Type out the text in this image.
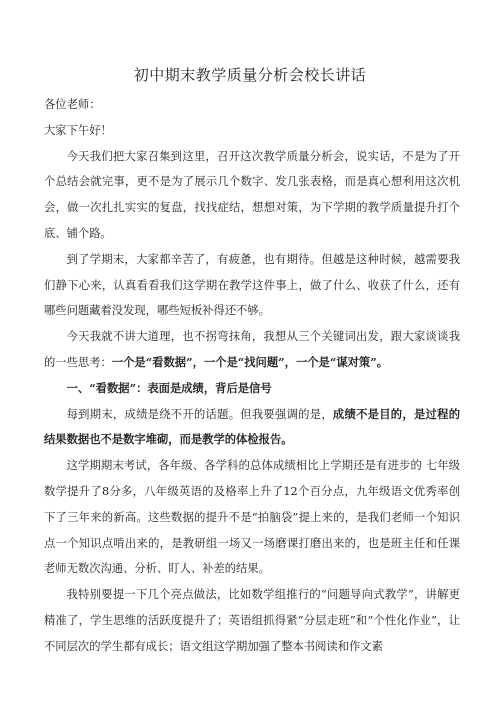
初中期末教学质量分析会校长讲话

各位老师：

大家下午好！

今天我们把大家召集到这里，召开这次教学质量分析会，说实话，不是为了开个总结会就完事，更不是为了展示几个数字、发几张表格，而是真心想利用这次机会，做一次扎扎实实的复盘，找找症结，想想对策，为下学期的教学质量提升打个底、铺个路。

到了学期末，大家都辛苦了，有疲惫，也有期待。但越是这种时候，越需要我们静下心来，认真看看我们这学期在教学这件事上，做了什么、收获了什么，还有哪些问题藏着没发现，哪些短板补得还不够。

今天我就不讲大道理，也不拐弯抹角，我想从三个关键词出发，跟大家谈谈我的一些思考：一个是“看数据”，一个是“找问题”，一个是“谋对策”。

一、“看数据”：表面是成绩，背后是信号

每到期末，成绩是绕不开的话题。但我要强调的是，成绩不是目的，是过程的结果数据也不是数字堆砌，而是教学的体检报告。

这学期期末考试，各年级、各学科的总体成绩相比上学期还是有进步的 七年级数学提升了8分多，八年级英语的及格率上升了12个百分点，九年级语文优秀率创下了三年来的新高。这些数据的提升不是“拍脑袋”提上来的，是我们老师一个知识点一个知识点啃出来的，是教研组一场又一场磨课打磨出来的，也是班主任和任课老师无数次沟通、分析、盯人、补差的结果。

我特别要提一下几个亮点做法，比如数学组推行的“问题导向式教学”，讲解更精准了，学生思维的活跃度提升了；英语组抓得紧“分层走班”和“个性化作业”，让不同层次的学生都有成长；语文组这学期加强了整本书阅读和作文素
